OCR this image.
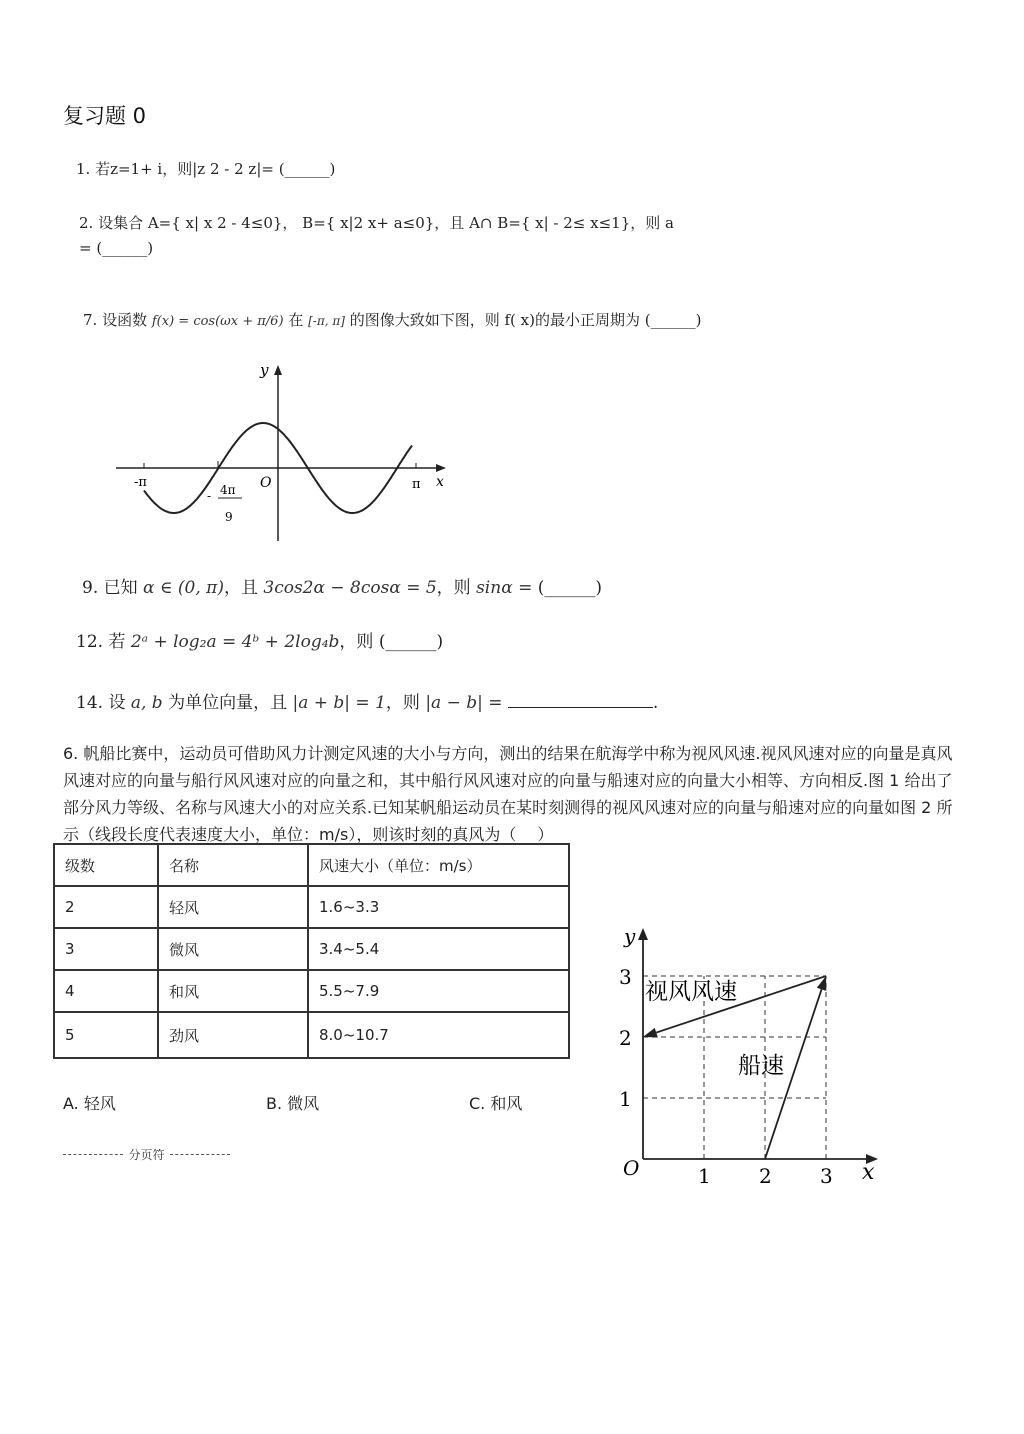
复习题 0
1. 若z=1+ i，则|z 2 - 2 z|= (______)
2. 设集合 A={ x| x 2 - 4≤0}， B={ x|2 x+ a≤0}，且 A∩ B={ x| - 2≤ x≤1}，则 a
= (______)
7. 设函数 f(x) = cos(ωx + π/6) 在 [-π, π] 的图像大致如下图，则 f( x)的最小正周期为 (______)
y
x
O
-π	π
- 4π
9
9. 已知 α ∈ (0, π)，且 3cos2α − 8cosα = 5，则 sinα = (______)
12. 若 2ᵃ + log₂a = 4ᵇ + 2log₄b，则 (______)
14. 设 a, b 为单位向量，且 |a + b| = 1，则 |a − b| =	.
6. 帆船比赛中，运动员可借助风力计测定风速的大小与方向，测出的结果在航海学中称为视风风速.视风风速对应的向量是真风风速对应的向量与船行风风速对应的向量之和，其中船行风风速对应的向量与船速对应的向量大小相等、方向相反.图 1 给出了部分风力等级、名称与风速大小的对应关系.已知某帆船运动员在某时刻测得的视风风速对应的向量与船速对应的向量如图 2 所示（线段长度代表速度大小，单位：m/s），则该时刻的真风为（　 ）
级数	名称	风速大小（单位：m/s）
2	轻风	1.6~3.3
3	微风	3.4~5.4
4	和风	5.5~7.9
5	劲风	8.0~10.7
A. 轻风	B. 微风	C. 和风
分页符
y
x
O	1 2 3
1
2
3
视风风速
船速
